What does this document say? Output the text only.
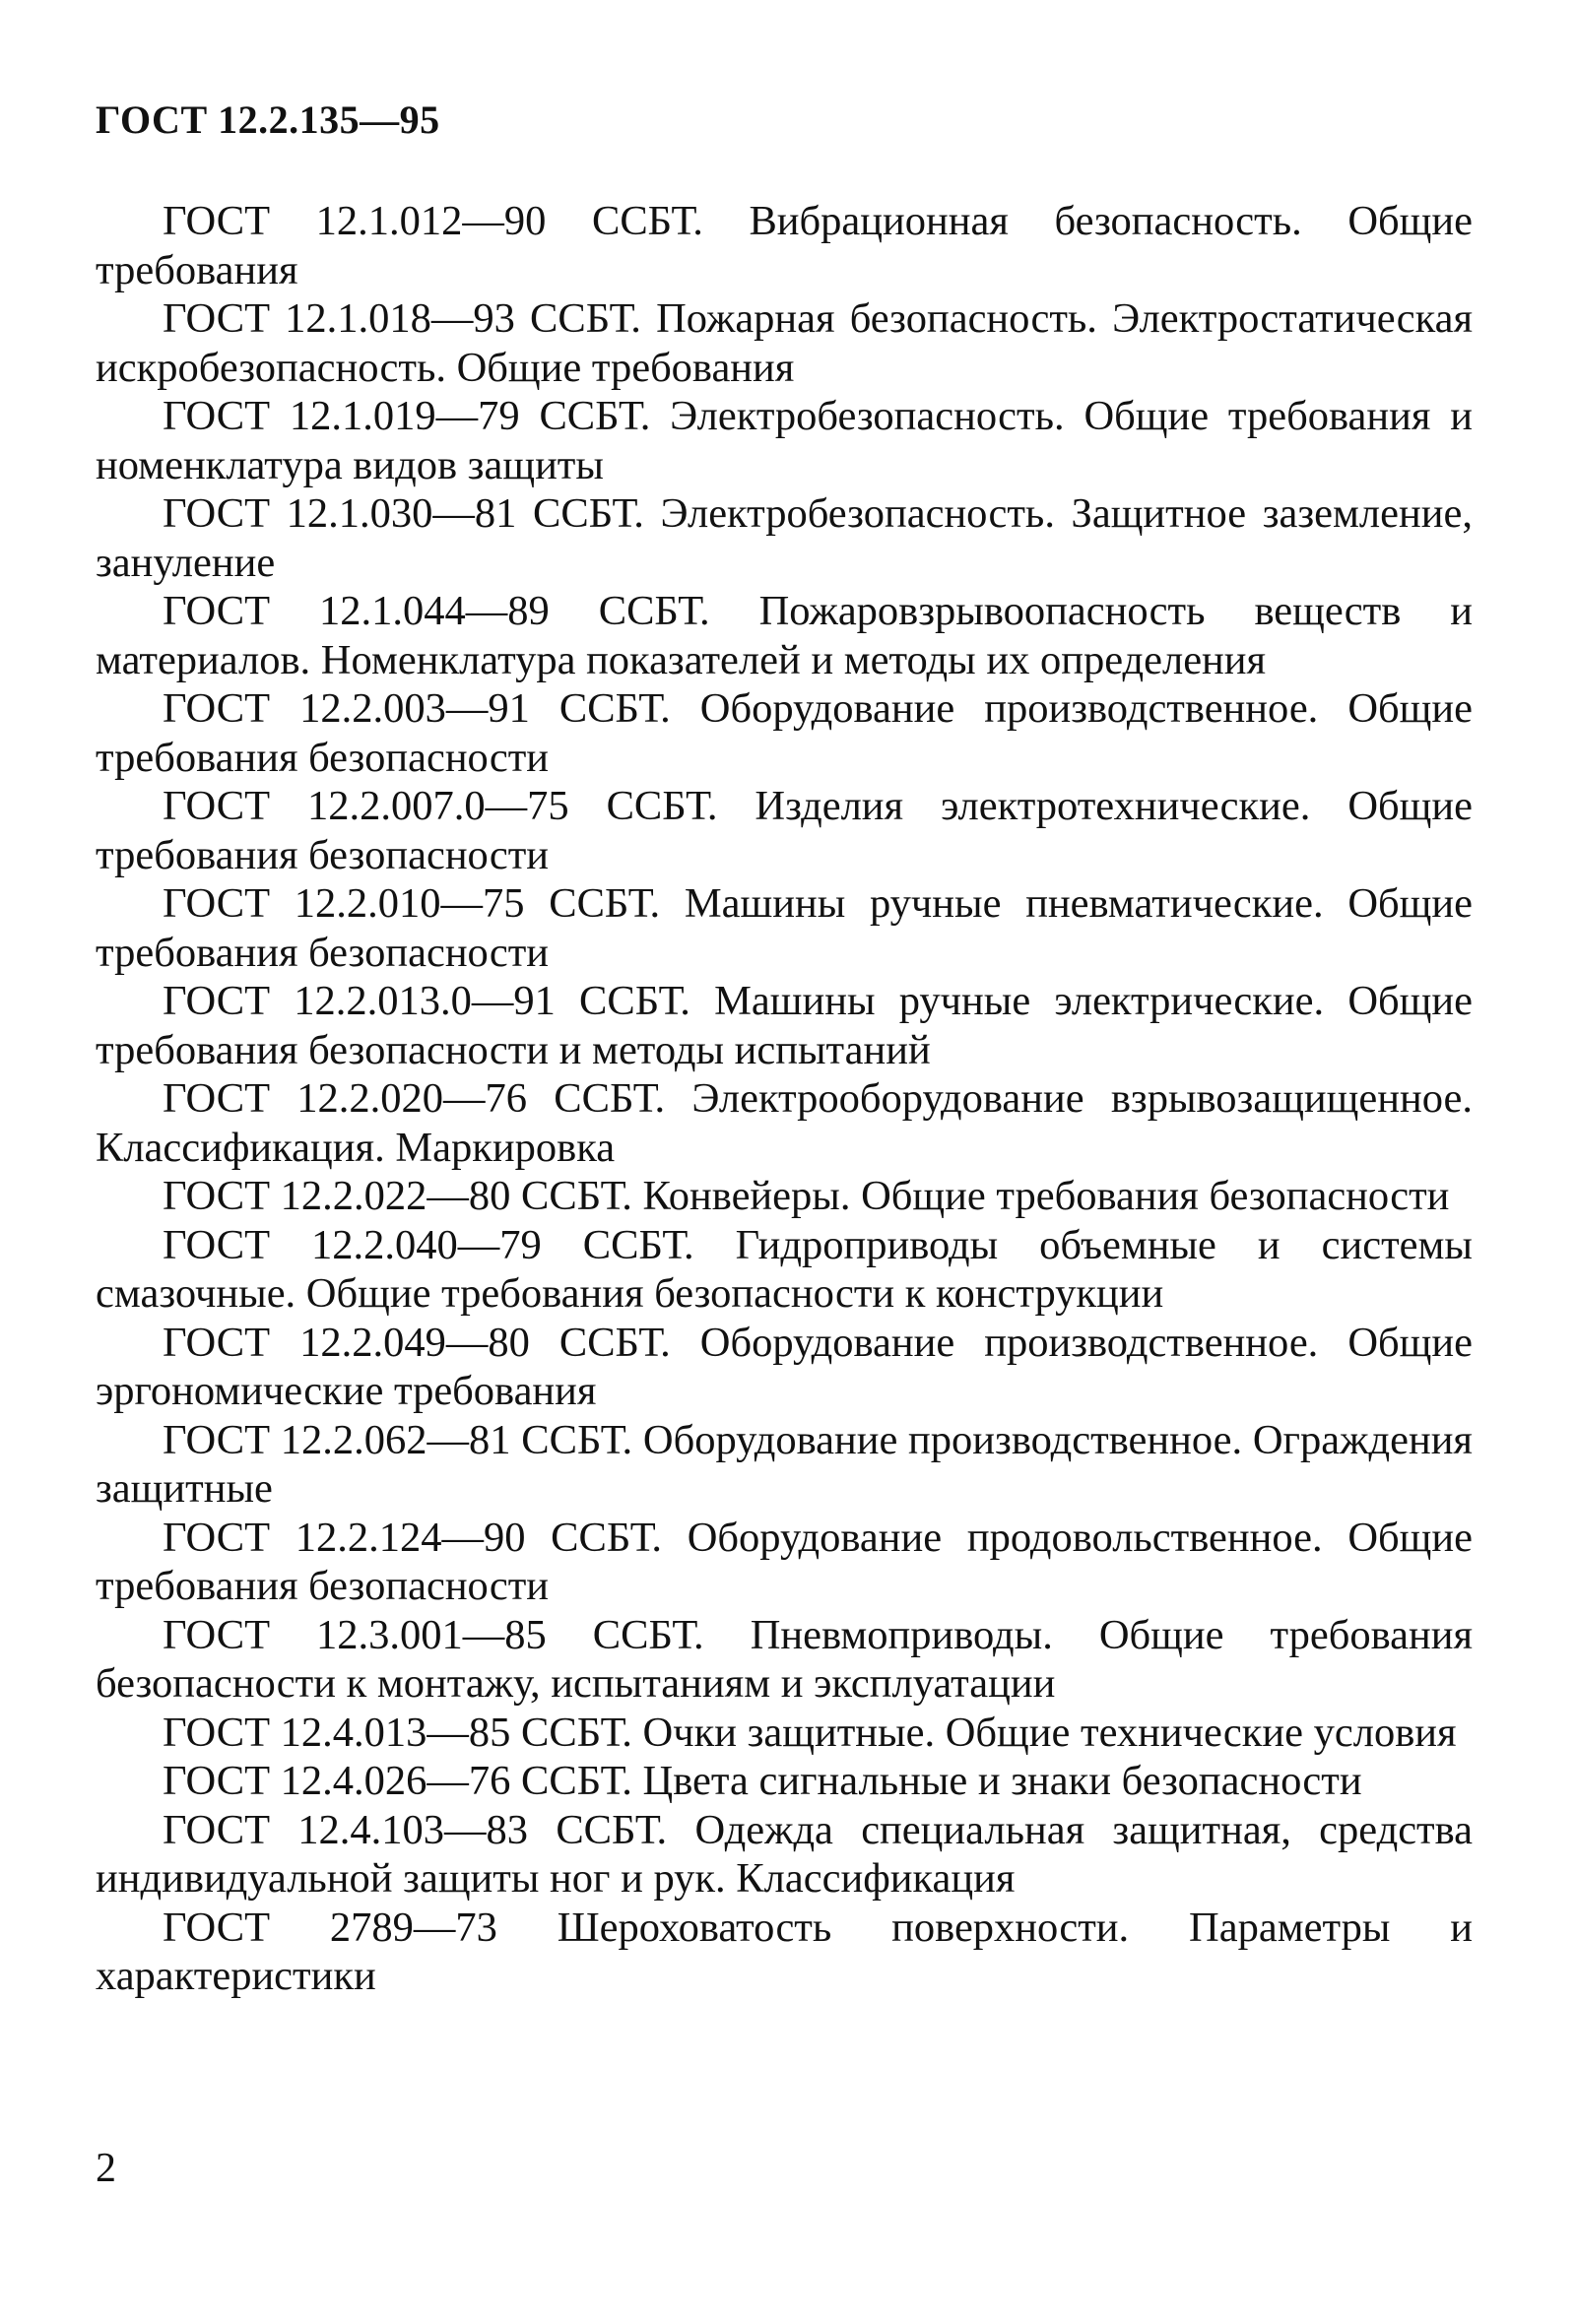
ГОСТ 12.2.135—95

ГОСТ 12.1.012—90 ССБТ. Вибрационная безопасность. Общие требования

ГОСТ 12.1.018—93 ССБТ. Пожарная безопасность. Электростатическая искробезопасность. Общие требования

ГОСТ 12.1.019—79 ССБТ. Электробезопасность. Общие требования и номенклатура видов защиты

ГОСТ 12.1.030—81 ССБТ. Электробезопасность. Защитное заземление, зануление

ГОСТ 12.1.044—89 ССБТ. Пожаровзрывоопасность веществ и материалов. Номенклатура показателей и методы их определения

ГОСТ 12.2.003—91 ССБТ. Оборудование производственное. Общие требования безопасности

ГОСТ 12.2.007.0—75 ССБТ. Изделия электротехнические. Общие требования безопасности

ГОСТ 12.2.010—75 ССБТ. Машины ручные пневматические. Общие требования безопасности

ГОСТ 12.2.013.0—91 ССБТ. Машины ручные электрические. Общие требования безопасности и методы испытаний

ГОСТ 12.2.020—76 ССБТ. Электрооборудование взрывозащищенное. Классификация. Маркировка

ГОСТ 12.2.022—80 ССБТ. Конвейеры. Общие требования безопасности

ГОСТ 12.2.040—79 ССБТ. Гидроприводы объемные и системы смазочные. Общие требования безопасности к конструкции

ГОСТ 12.2.049—80 ССБТ. Оборудование производственное. Общие эргономические требования

ГОСТ 12.2.062—81 ССБТ. Оборудование производственное. Ограждения защитные

ГОСТ 12.2.124—90 ССБТ. Оборудование продовольственное. Общие требования безопасности

ГОСТ 12.3.001—85 ССБТ. Пневмоприводы. Общие требования безопасности к монтажу, испытаниям и эксплуатации

ГОСТ 12.4.013—85 ССБТ. Очки защитные. Общие технические условия

ГОСТ 12.4.026—76 ССБТ. Цвета сигнальные и знаки безопасности

ГОСТ 12.4.103—83 ССБТ. Одежда специальная защитная, средства индивидуальной защиты ног и рук. Классификация

ГОСТ 2789—73 Шероховатость поверхности. Параметры и характеристики

2
